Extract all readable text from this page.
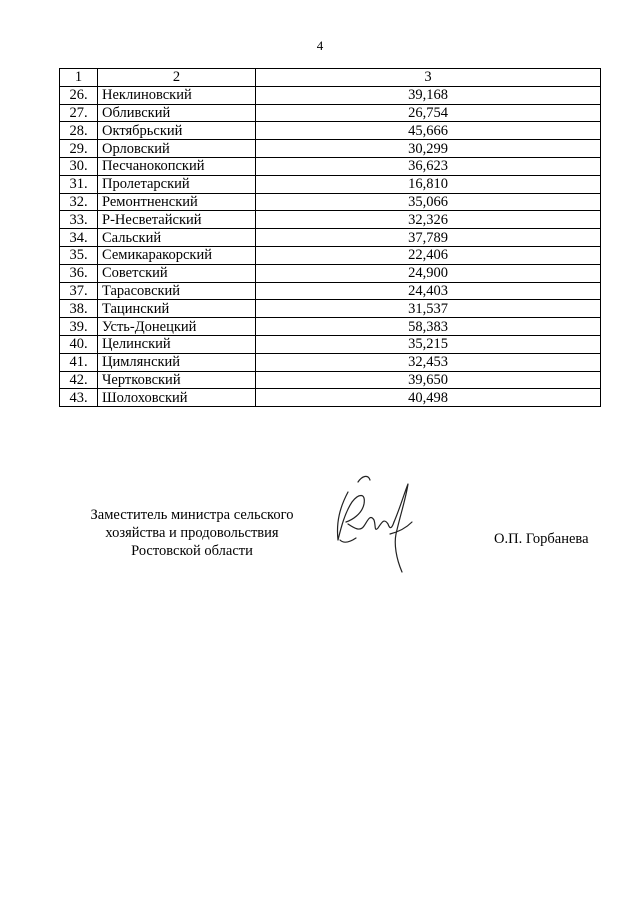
4
1	2	3
26.	Неклиновский	39,168
27.	Обливский	26,754
28.	Октябрьский	45,666
29.	Орловский	30,299
30.	Песчанокопский	36,623
31.	Пролетарский	16,810
32.	Ремонтненский	35,066
33.	Р-Несветайский	32,326
34.	Сальский	37,789
35.	Семикаракорский	22,406
36.	Советский	24,900
37.	Тарасовский	24,403
38.	Тацинский	31,537
39.	Усть-Донецкий	58,383
40.	Целинский	35,215
41.	Цимлянский	32,453
42.	Чертковский	39,650
43.	Шолоховский	40,498
Заместитель министра сельского
хозяйства и продовольствия
Ростовской области
О.П. Горбанева
